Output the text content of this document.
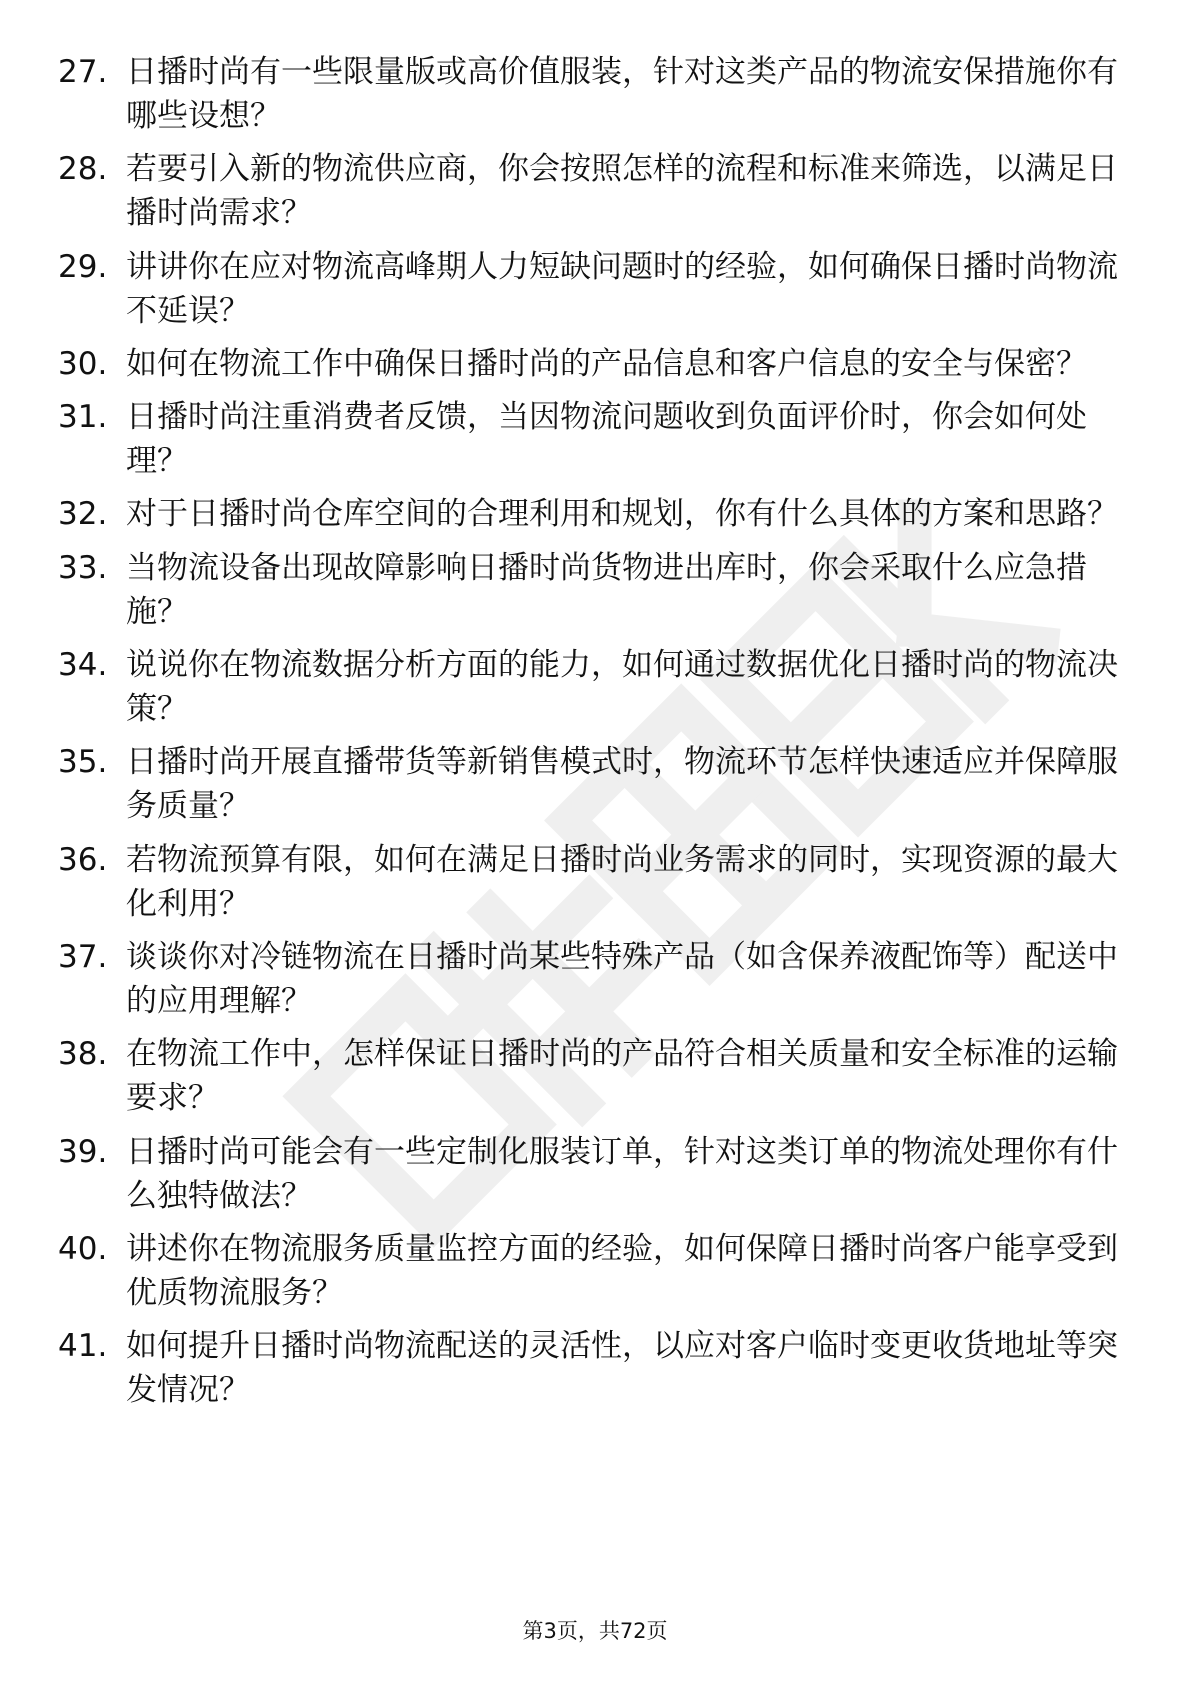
27. 日播时尚有一些限量版或高价值服装，针对这类产品的物流安保措施你有哪些设想？
28. 若要引入新的物流供应商，你会按照怎样的流程和标准来筛选，以满足日播时尚需求？
29. 讲讲你在应对物流高峰期人力短缺问题时的经验，如何确保日播时尚物流不延误？
30. 如何在物流工作中确保日播时尚的产品信息和客户信息的安全与保密？
31. 日播时尚注重消费者反馈，当因物流问题收到负面评价时，你会如何处理？
32. 对于日播时尚仓库空间的合理利用和规划，你有什么具体的方案和思路？
33. 当物流设备出现故障影响日播时尚货物进出库时，你会采取什么应急措施？
34. 说说你在物流数据分析方面的能力，如何通过数据优化日播时尚的物流决策？
35. 日播时尚开展直播带货等新销售模式时，物流环节怎样快速适应并保障服务质量？
36. 若物流预算有限，如何在满足日播时尚业务需求的同时，实现资源的最大化利用？
37. 谈谈你对冷链物流在日播时尚某些特殊产品（如含保养液配饰等）配送中的应用理解？
38. 在物流工作中，怎样保证日播时尚的产品符合相关质量和安全标准的运输要求？
39. 日播时尚可能会有一些定制化服装订单，针对这类订单的物流处理你有什么独特做法？
40. 讲述你在物流服务质量监控方面的经验，如何保障日播时尚客户能享受到优质物流服务？
41. 如何提升日播时尚物流配送的灵活性，以应对客户临时变更收货地址等突发情况？
第3页，共72页
